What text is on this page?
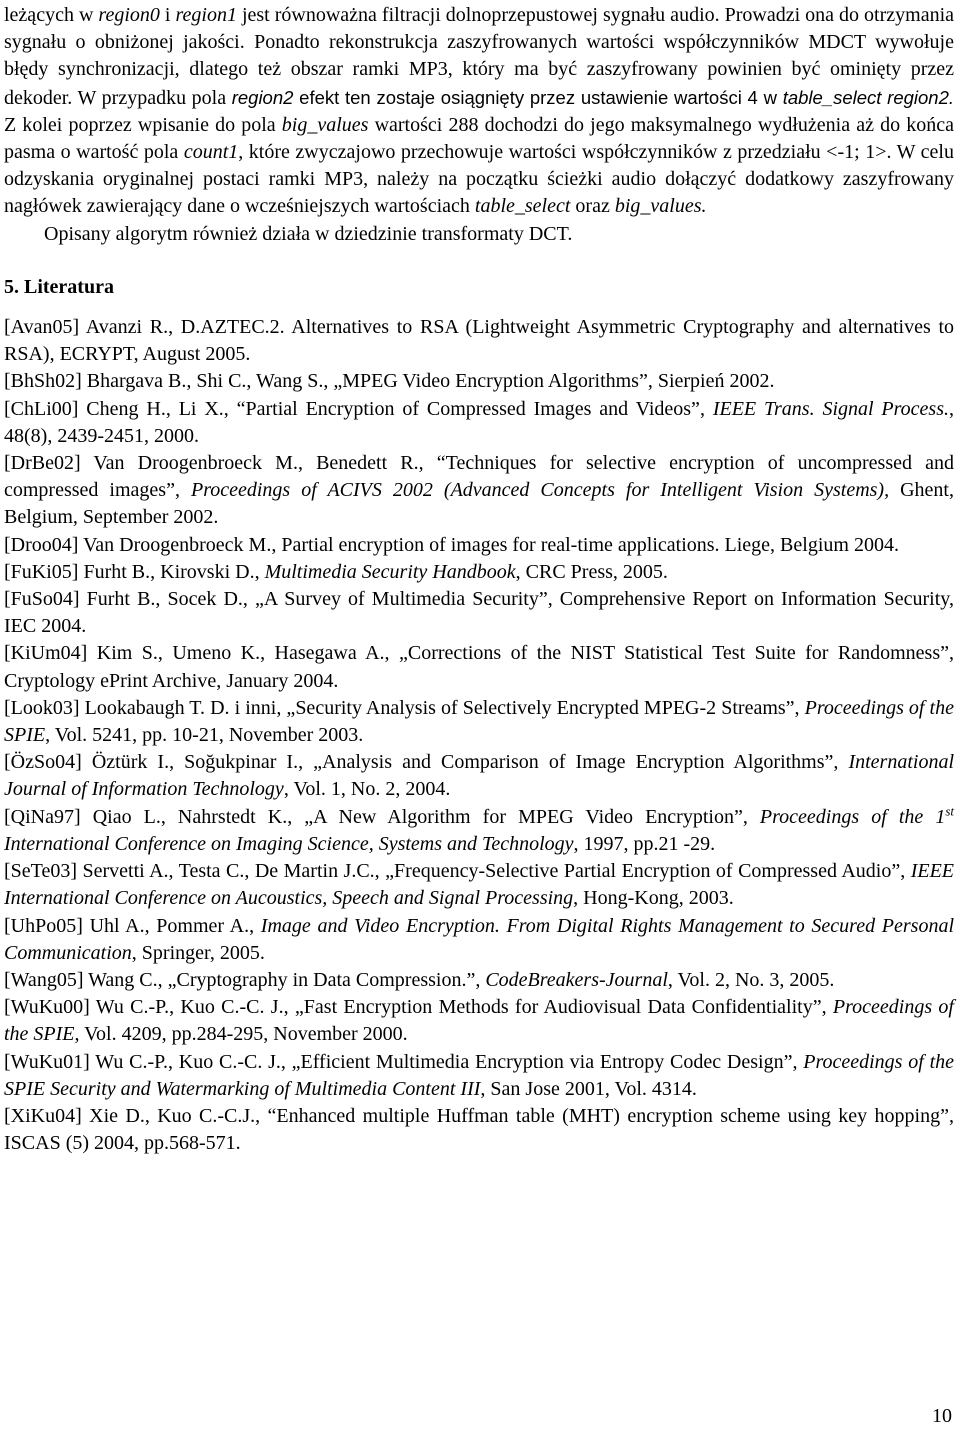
leżących w region0 i region1 jest równoważna filtracji dolnoprzepustowej sygnału audio. Prowadzi ona do otrzymania sygnału o obniżonej jakości. Ponadto rekonstrukcja zaszyfrowanych wartości współczynników MDCT wywołuje błędy synchronizacji, dlatego też obszar ramki MP3, który ma być zaszyfrowany powinien być ominięty przez dekoder. W przypadku pola region2 efekt ten zostaje osiągnięty przez ustawienie wartości 4 w table_select region2. Z kolei poprzez wpisanie do pola big_values wartości 288 dochodzi do jego maksymalnego wydłużenia aż do końca pasma o wartość pola count1, które zwyczajowo przechowuje wartości współczynników z przedziału <-1; 1>. W celu odzyskania oryginalnej postaci ramki MP3, należy na początku ścieżki audio dołączyć dodatkowy zaszyfrowany nagłówek zawierający dane o wcześniejszych wartościach table_select oraz big_values.

Opisany algorytm również działa w dziedzinie transformaty DCT.

5. Literatura

[Avan05] Avanzi R., D.AZTEC.2. Alternatives to RSA (Lightweight Asymmetric Cryptography and alternatives to RSA), ECRYPT, August 2005.

[BhSh02] Bhargava B., Shi C., Wang S., „MPEG Video Encryption Algorithms”, Sierpień 2002.

[ChLi00] Cheng H., Li X., “Partial Encryption of Compressed Images and Videos”, IEEE Trans. Signal Process., 48(8), 2439-2451, 2000.

[DrBe02] Van Droogenbroeck M., Benedett R., “Techniques for selective encryption of uncompressed and compressed images”, Proceedings of ACIVS 2002 (Advanced Concepts for Intelligent Vision Systems), Ghent, Belgium, September 2002.

[Droo04] Van Droogenbroeck M., Partial encryption of images for real-time applications. Liege, Belgium 2004.

[FuKi05] Furht B., Kirovski D., Multimedia Security Handbook, CRC Press, 2005.

[FuSo04] Furht B., Socek D., „A Survey of Multimedia Security”, Comprehensive Report on Information Security, IEC 2004.

[KiUm04] Kim S., Umeno K., Hasegawa A., „Corrections of the NIST Statistical Test Suite for Randomness”, Cryptology ePrint Archive, January 2004.

[Look03] Lookabaugh T. D. i inni, „Security Analysis of Selectively Encrypted MPEG-2 Streams”, Proceedings of the SPIE, Vol. 5241, pp. 10-21, November 2003.

[ÖzSo04] Öztürk I., Soğukpinar I., „Analysis and Comparison of Image Encryption Algorithms”, International Journal of Information Technology, Vol. 1, No. 2, 2004.

[QiNa97] Qiao L., Nahrstedt K., „A New Algorithm for MPEG Video Encryption”, Proceedings of the 1st International Conference on Imaging Science, Systems and Technology, 1997, pp.21 -29.

[SeTe03] Servetti A., Testa C., De Martin J.C., „Frequency-Selective Partial Encryption of Compressed Audio”, IEEE International Conference on Aucoustics, Speech and Signal Processing, Hong-Kong, 2003.

[UhPo05] Uhl A., Pommer A., Image and Video Encryption. From Digital Rights Management to Secured Personal Communication, Springer, 2005.

[Wang05] Wang C., „Cryptography in Data Compression.”, CodeBreakers-Journal, Vol. 2, No. 3, 2005.

[WuKu00] Wu C.-P., Kuo C.-C. J., „Fast Encryption Methods for Audiovisual Data Confidentiality”, Proceedings of the SPIE, Vol. 4209, pp.284-295, November 2000.

[WuKu01] Wu C.-P., Kuo C.-C. J., „Efficient Multimedia Encryption via Entropy Codec Design”, Proceedings of the SPIE Security and Watermarking of Multimedia Content III, San Jose 2001, Vol. 4314.

[XiKu04] Xie D., Kuo C.-C.J., “Enhanced multiple Huffman table (MHT) encryption scheme using key hopping”, ISCAS (5) 2004, pp.568-571.

10
